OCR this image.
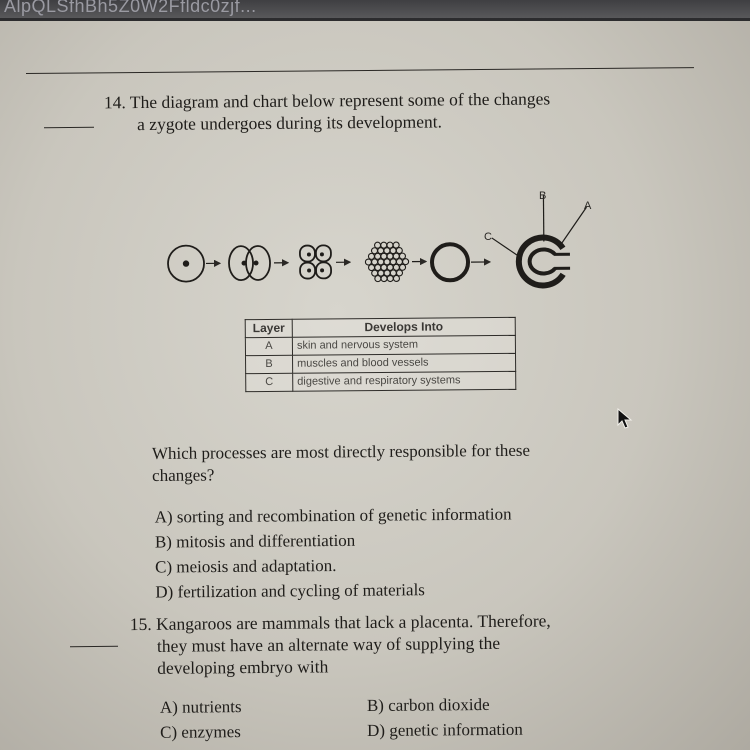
AlpQLSfhBh5Z0W2Ffldc0zjf...
14. The diagram and chart below represent some of the changes
a zygote undergoes during its development.
B
A
C
Layer	Develops Into
A	skin and nervous system
B	muscles and blood vessels
C	digestive and respiratory systems
Which processes are most directly responsible for these
changes?
A) sorting and recombination of genetic information
B) mitosis and differentiation
C) meiosis and adaptation.
D) fertilization and cycling of materials
15. Kangaroos are mammals that lack a placenta. Therefore,
they must have an alternate way of supplying the
developing embryo with
A) nutrients	B) carbon dioxide
C) enzymes	D) genetic information
